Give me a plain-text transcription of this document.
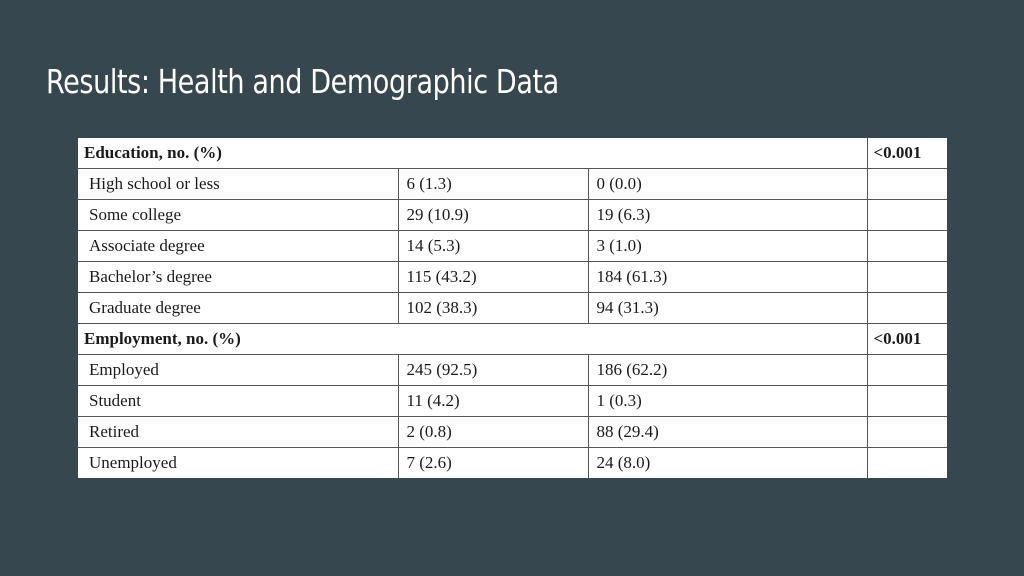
Results: Health and Demographic Data
Education, no. (%)			<0.001
High school or less	6 (1.3)	0 (0.0)	
Some college	29 (10.9)	19 (6.3)	
Associate degree	14 (5.3)	3 (1.0)	
Bachelor’s degree	115 (43.2)	184 (61.3)	
Graduate degree	102 (38.3)	94 (31.3)	
Employment, no. (%)			<0.001
Employed	245 (92.5)	186 (62.2)	
Student	11 (4.2)	1 (0.3)	
Retired	2 (0.8)	88 (29.4)	
Unemployed	7 (2.6)	24 (8.0)	
